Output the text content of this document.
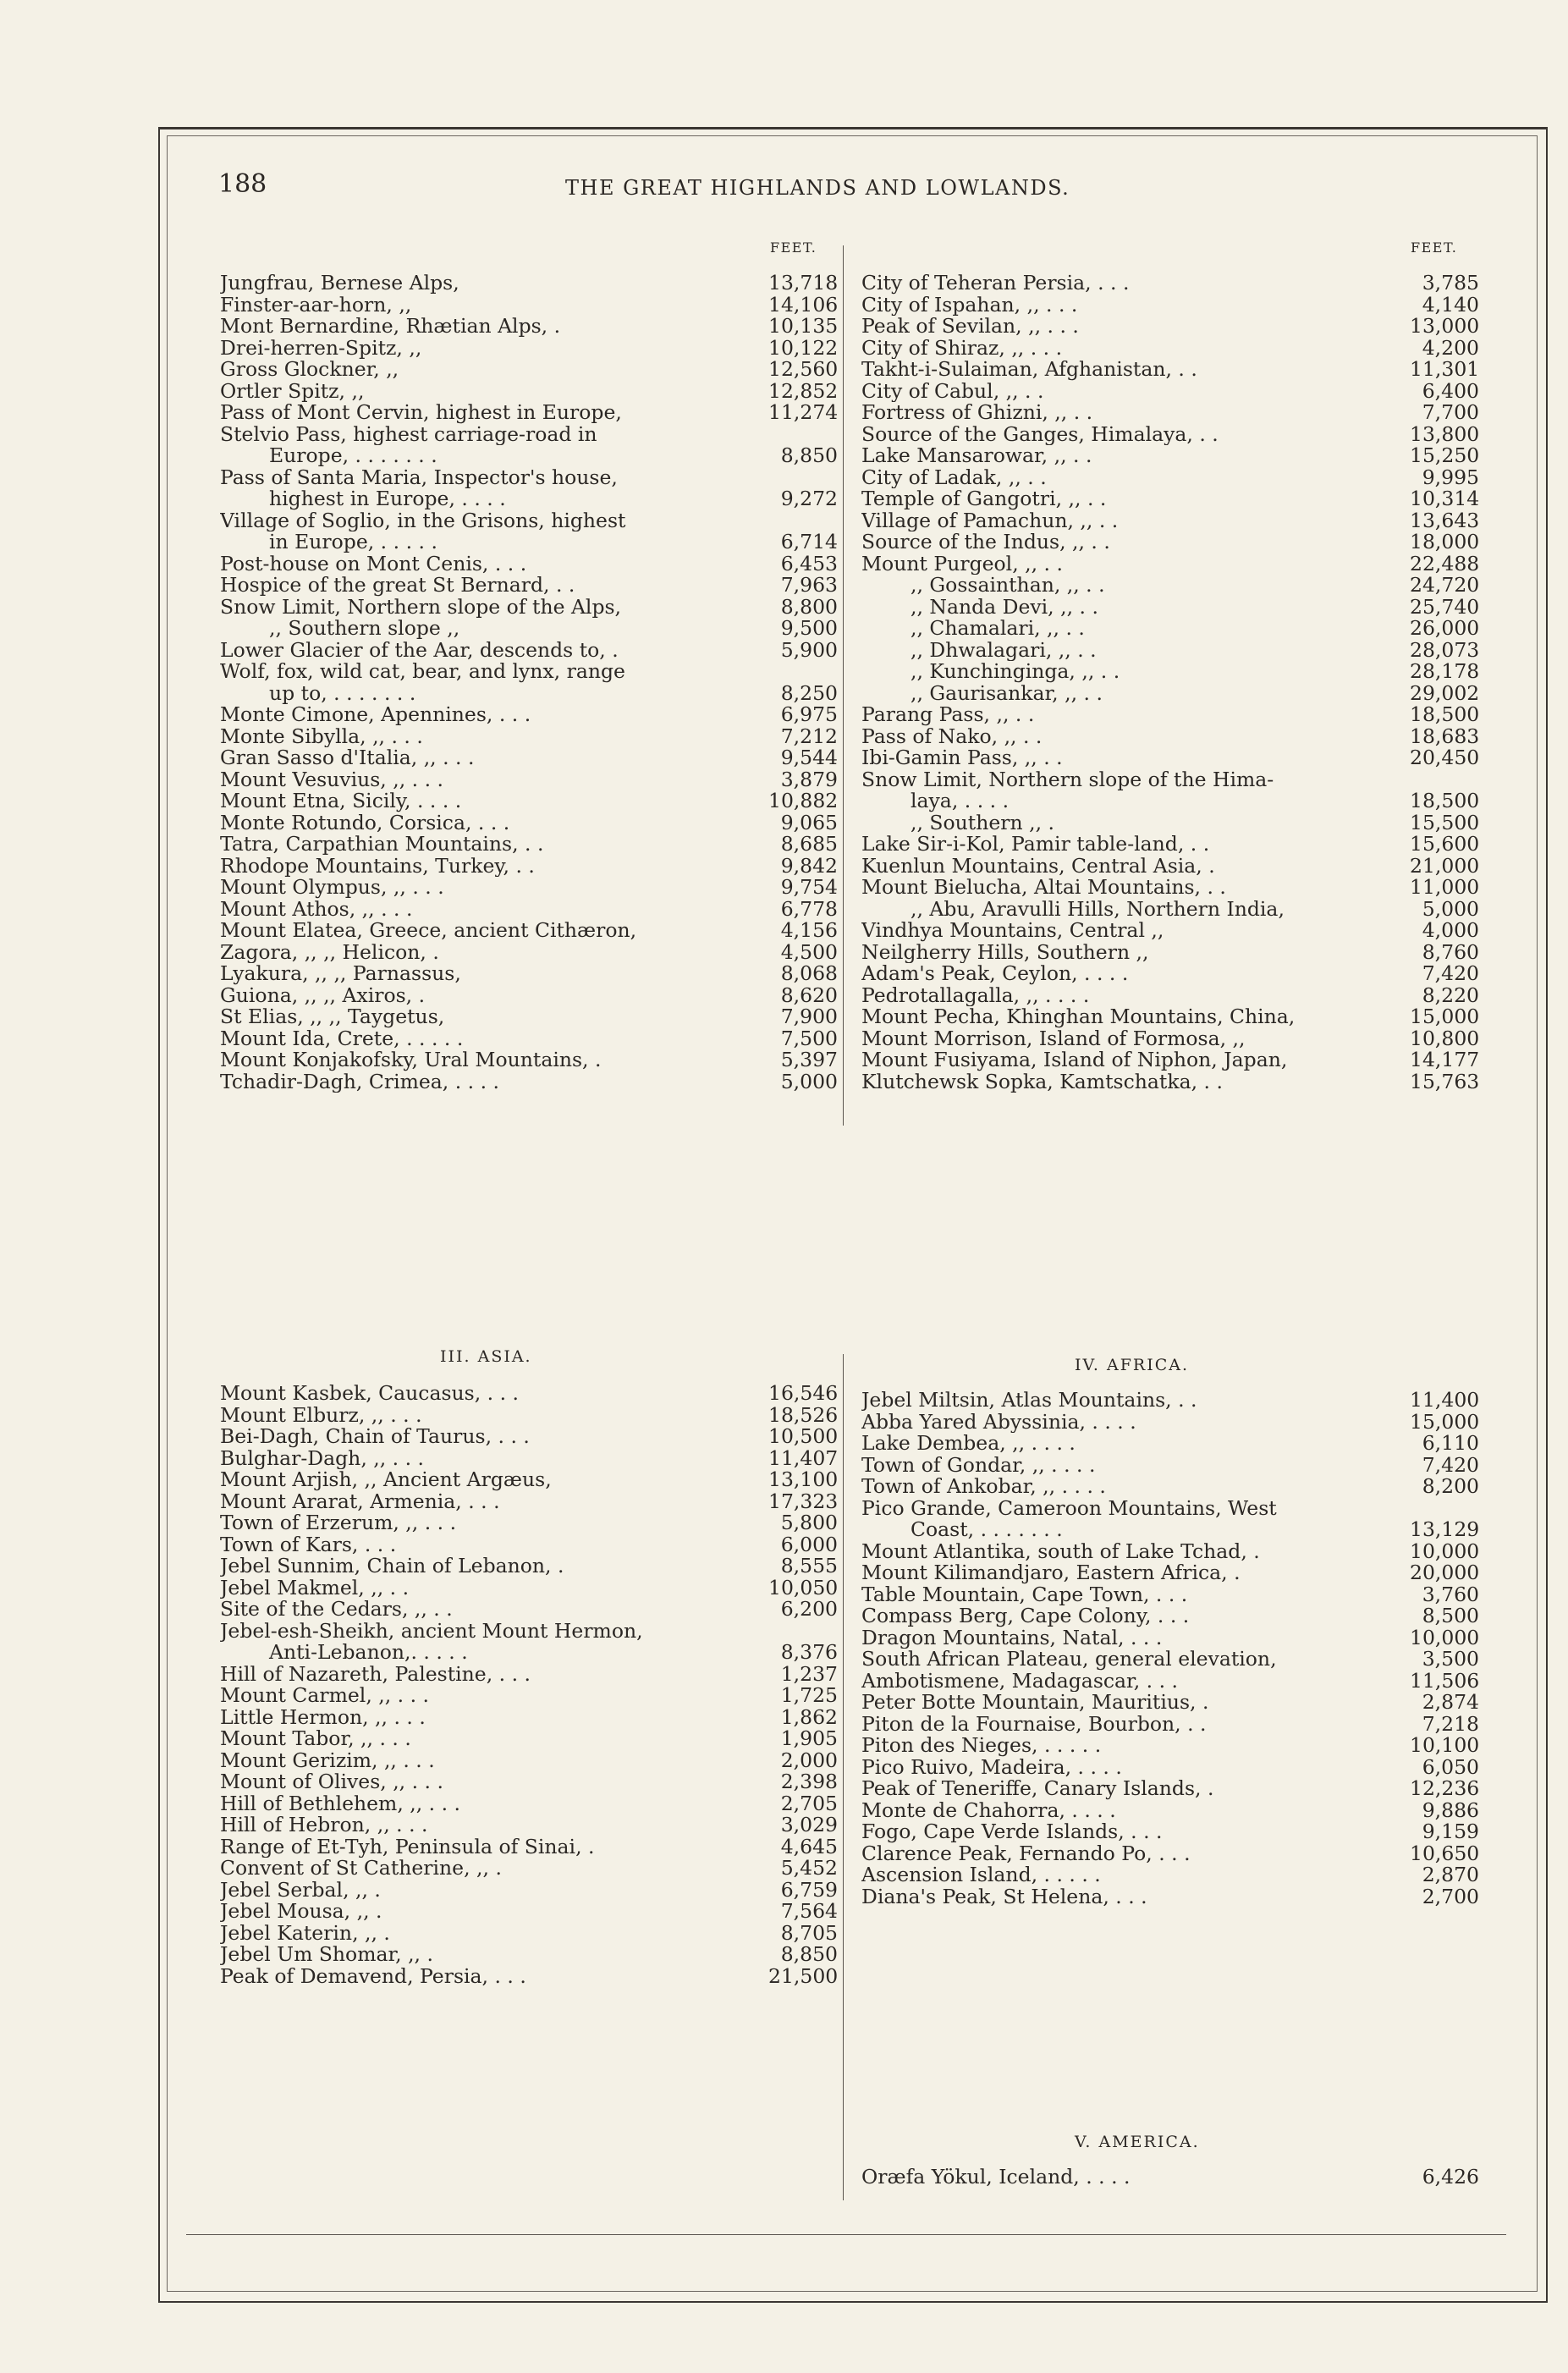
188	THE GREAT HIGHLANDS AND LOWLANDS.
FEET.	FEET.
Jungfrau, Bernese Alps,	13,718
Finster-aar-horn, ,,	14,106
Mont Bernardine, Rhætian Alps, .	10,135
Drei-herren-Spitz, ,,	10,122
Gross Glockner, ,,	12,560
Ortler Spitz, ,,	12,852
Pass of Mont Cervin, highest in Europe,	11,274
Stelvio Pass, highest carriage-road in
Europe, . . . . . . .	8,850
Pass of Santa Maria, Inspector's house,
highest in Europe, . . . .	9,272
Village of Soglio, in the Grisons, highest
in Europe, . . . . .	6,714
Post-house on Mont Cenis, . . .	6,453
Hospice of the great St Bernard, . .	7,963
Snow Limit, Northern slope of the Alps,	8,800
,, Southern slope ,,	9,500
Lower Glacier of the Aar, descends to, .	5,900
Wolf, fox, wild cat, bear, and lynx, range
up to, . . . . . . .	8,250
Monte Cimone, Apennines, . . .	6,975
Monte Sibylla, ,, . . .	7,212
Gran Sasso d'Italia, ,, . . .	9,544
Mount Vesuvius, ,, . . .	3,879
Mount Etna, Sicily, . . . .	10,882
Monte Rotundo, Corsica, . . .	9,065
Tatra, Carpathian Mountains, . .	8,685
Rhodope Mountains, Turkey, . .	9,842
Mount Olympus, ,, . . .	9,754
Mount Athos, ,, . . .	6,778
Mount Elatea, Greece, ancient Cithæron,	4,156
Zagora, ,, ,, Helicon, .	4,500
Lyakura, ,, ,, Parnassus,	8,068
Guiona, ,, ,, Axiros, .	8,620
St Elias, ,, ,, Taygetus,	7,900
Mount Ida, Crete, . . . . .	7,500
Mount Konjakofsky, Ural Mountains, .	5,397
Tchadir-Dagh, Crimea, . . . .	5,000
III. ASIA.
Mount Kasbek, Caucasus, . . .	16,546
Mount Elburz, ,, . . .	18,526
Bei-Dagh, Chain of Taurus, . . .	10,500
Bulghar-Dagh, ,, . . .	11,407
Mount Arjish, ,, Ancient Argæus,	13,100
Mount Ararat, Armenia, . . .	17,323
Town of Erzerum, ,, . . .	5,800
Town of Kars, . . .	6,000
Jebel Sunnim, Chain of Lebanon, .	8,555
Jebel Makmel, ,, . .	10,050
Site of the Cedars, ,, . .	6,200
Jebel-esh-Sheikh, ancient Mount Hermon,
Anti-Lebanon,. . . . .	8,376
Hill of Nazareth, Palestine, . . .	1,237
Mount Carmel, ,, . . .	1,725
Little Hermon, ,, . . .	1,862
Mount Tabor, ,, . . .	1,905
Mount Gerizim, ,, . . .	2,000
Mount of Olives, ,, . . .	2,398
Hill of Bethlehem, ,, . . .	2,705
Hill of Hebron, ,, . . .	3,029
Range of Et-Tyh, Peninsula of Sinai, .	4,645
Convent of St Catherine, ,, .	5,452
Jebel Serbal, ,, .	6,759
Jebel Mousa, ,, .	7,564
Jebel Katerin, ,, .	8,705
Jebel Um Shomar, ,, .	8,850
Peak of Demavend, Persia, . . .	21,500
City of Teheran Persia, . . .	3,785
City of Ispahan, ,, . . .	4,140
Peak of Sevilan, ,, . . .	13,000
City of Shiraz, ,, . . .	4,200
Takht-i-Sulaiman, Afghanistan, . .	11,301
City of Cabul, ,, . .	6,400
Fortress of Ghizni, ,, . .	7,700
Source of the Ganges, Himalaya, . .	13,800
Lake Mansarowar, ,, . .	15,250
City of Ladak, ,, . .	9,995
Temple of Gangotri, ,, . .	10,314
Village of Pamachun, ,, . .	13,643
Source of the Indus, ,, . .	18,000
Mount Purgeol, ,, . .	22,488
,, Gossainthan, ,, . .	24,720
,, Nanda Devi, ,, . .	25,740
,, Chamalari, ,, . .	26,000
,, Dhwalagari, ,, . .	28,073
,, Kunchinginga, ,, . .	28,178
,, Gaurisankar, ,, . .	29,002
Parang Pass, ,, . .	18,500
Pass of Nako, ,, . .	18,683
Ibi-Gamin Pass, ,, . .	20,450
Snow Limit, Northern slope of the Hima-
laya, . . . .	18,500
,, Southern ,, .	15,500
Lake Sir-i-Kol, Pamir table-land, . .	15,600
Kuenlun Mountains, Central Asia, .	21,000
Mount Bielucha, Altai Mountains, . .	11,000
,, Abu, Aravulli Hills, Northern India,	5,000
Vindhya Mountains, Central ,,	4,000
Neilgherry Hills, Southern ,,	8,760
Adam's Peak, Ceylon, . . . .	7,420
Pedrotallagalla, ,, . . . .	8,220
Mount Pecha, Khinghan Mountains, China,	15,000
Mount Morrison, Island of Formosa, ,,	10,800
Mount Fusiyama, Island of Niphon, Japan,	14,177
Klutchewsk Sopka, Kamtschatka, . .	15,763
IV. AFRICA.
Jebel Miltsin, Atlas Mountains, . .	11,400
Abba Yared Abyssinia, . . . .	15,000
Lake Dembea, ,, . . . .	6,110
Town of Gondar, ,, . . . .	7,420
Town of Ankobar, ,, . . . .	8,200
Pico Grande, Cameroon Mountains, West
Coast, . . . . . . .	13,129
Mount Atlantika, south of Lake Tchad, .	10,000
Mount Kilimandjaro, Eastern Africa, .	20,000
Table Mountain, Cape Town, . . .	3,760
Compass Berg, Cape Colony, . . .	8,500
Dragon Mountains, Natal, . . .	10,000
South African Plateau, general elevation,	3,500
Ambotismene, Madagascar, . . .	11,506
Peter Botte Mountain, Mauritius, .	2,874
Piton de la Fournaise, Bourbon, . .	7,218
Piton des Nieges, . . . . .	10,100
Pico Ruivo, Madeira, . . . .	6,050
Peak of Teneriffe, Canary Islands, .	12,236
Monte de Chahorra, . . . .	9,886
Fogo, Cape Verde Islands, . . .	9,159
Clarence Peak, Fernando Po, . . .	10,650
Ascension Island, . . . . .	2,870
Diana's Peak, St Helena, . . .	2,700
V. AMERICA.
Oræfa Yökul, Iceland, . . . .	6,426
